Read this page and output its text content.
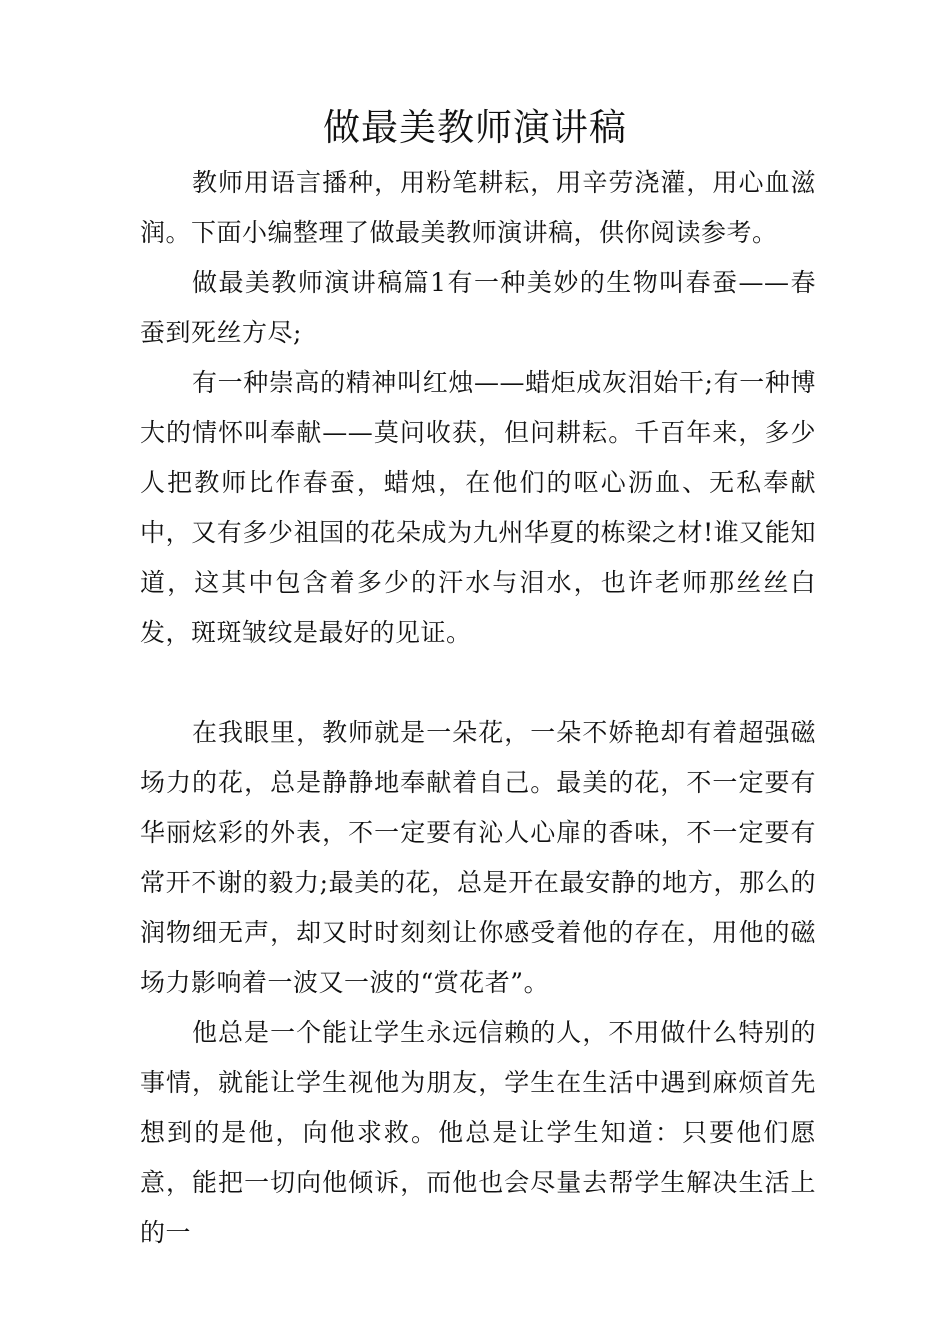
做最美教师演讲稿

教师用语言播种，用粉笔耕耘，用辛劳浇灌，用心血滋润。下面小编整理了做最美教师演讲稿，供你阅读参考。

做最美教师演讲稿篇1有一种美妙的生物叫春蚕——春蚕到死丝方尽;

有一种崇高的精神叫红烛——蜡炬成灰泪始干;有一种博大的情怀叫奉献——莫问收获，但问耕耘。千百年来，多少人把教师比作春蚕，蜡烛，在他们的呕心沥血、无私奉献中，又有多少祖国的花朵成为九州华夏的栋梁之材!谁又能知道，这其中包含着多少的汗水与泪水，也许老师那丝丝白发，斑斑皱纹是最好的见证。

在我眼里，教师就是一朵花，一朵不娇艳却有着超强磁场力的花，总是静静地奉献着自己。最美的花，不一定要有华丽炫彩的外表，不一定要有沁人心扉的香味，不一定要有常开不谢的毅力;最美的花，总是开在最安静的地方，那么的润物细无声，却又时时刻刻让你感受着他的存在，用他的磁场力影响着一波又一波的“赏花者”。

他总是一个能让学生永远信赖的人，不用做什么特别的事情，就能让学生视他为朋友，学生在生活中遇到麻烦首先想到的是他，向他求救。他总是让学生知道：只要他们愿意，能把一切向他倾诉，而他也会尽量去帮学生解决生活上的一
